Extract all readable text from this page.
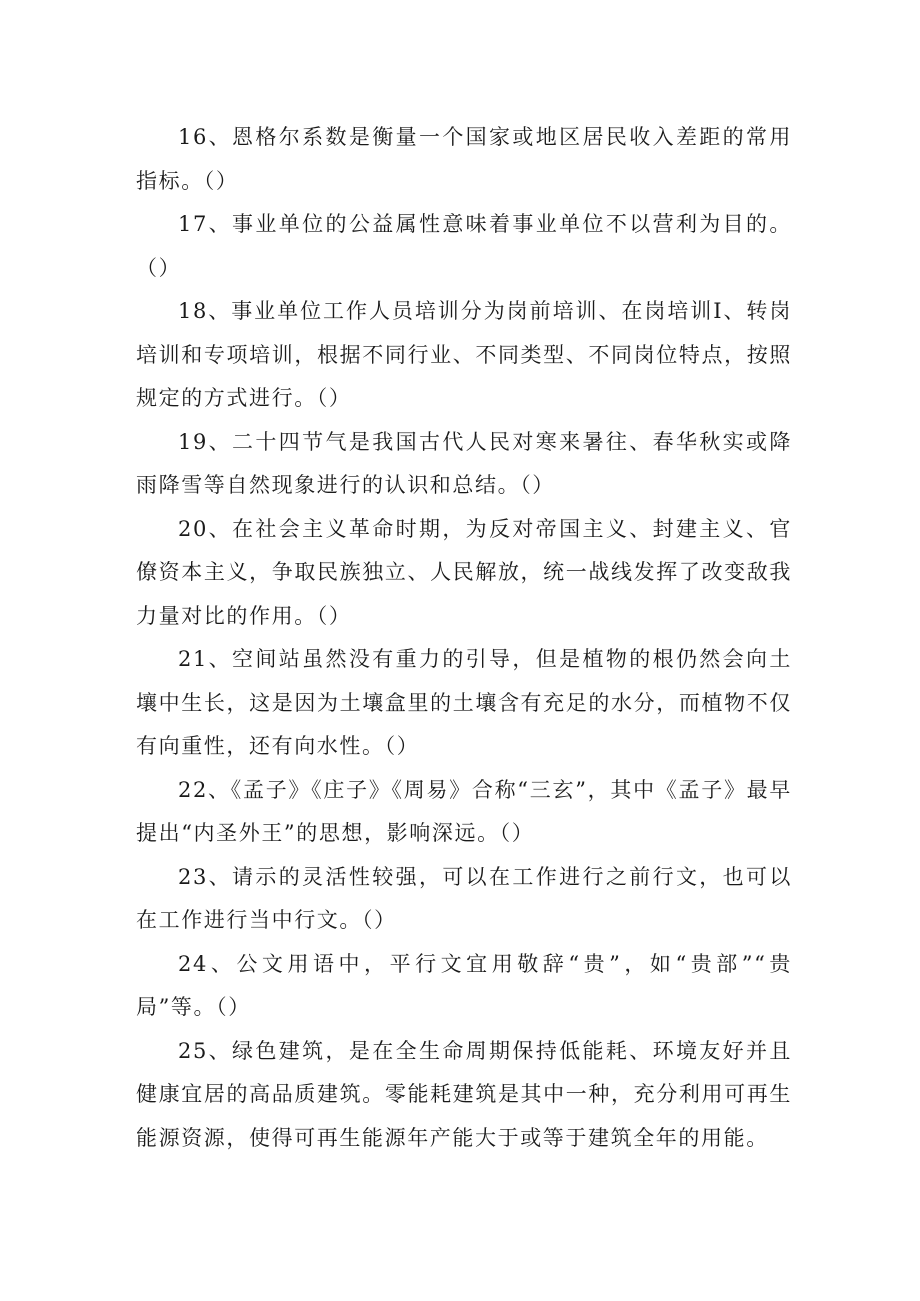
16、恩格尔系数是衡量一个国家或地区居民收入差距的常用指标。（）

17、事业单位的公益属性意味着事业单位不以营利为目的。（）

18、事业单位工作人员培训分为岗前培训、在岗培训I、转岗培训和专项培训，根据不同行业、不同类型、不同岗位特点，按照规定的方式进行。（）

19、二十四节气是我国古代人民对寒来暑往、春华秋实或降雨降雪等自然现象进行的认识和总结。（）

20、在社会主义革命时期，为反对帝国主义、封建主义、官僚资本主义，争取民族独立、人民解放，统一战线发挥了改变敌我力量对比的作用。（）

21、空间站虽然没有重力的引导，但是植物的根仍然会向土壤中生长，这是因为土壤盒里的土壤含有充足的水分，而植物不仅有向重性，还有向水性。（）

22、《孟子》《庄子》《周易》合称“三玄”，其中《孟子》最早提出“内圣外王”的思想，影响深远。（）

23、请示的灵活性较强，可以在工作进行之前行文，也可以在工作进行当中行文。（）

24、公文用语中，平行文宜用敬辞“贵”，如“贵部”“贵局”等。（）

25、绿色建筑，是在全生命周期保持低能耗、环境友好并且健康宜居的高品质建筑。零能耗建筑是其中一种，充分利用可再生能源资源，使得可再生能源年产能大于或等于建筑全年的用能。
